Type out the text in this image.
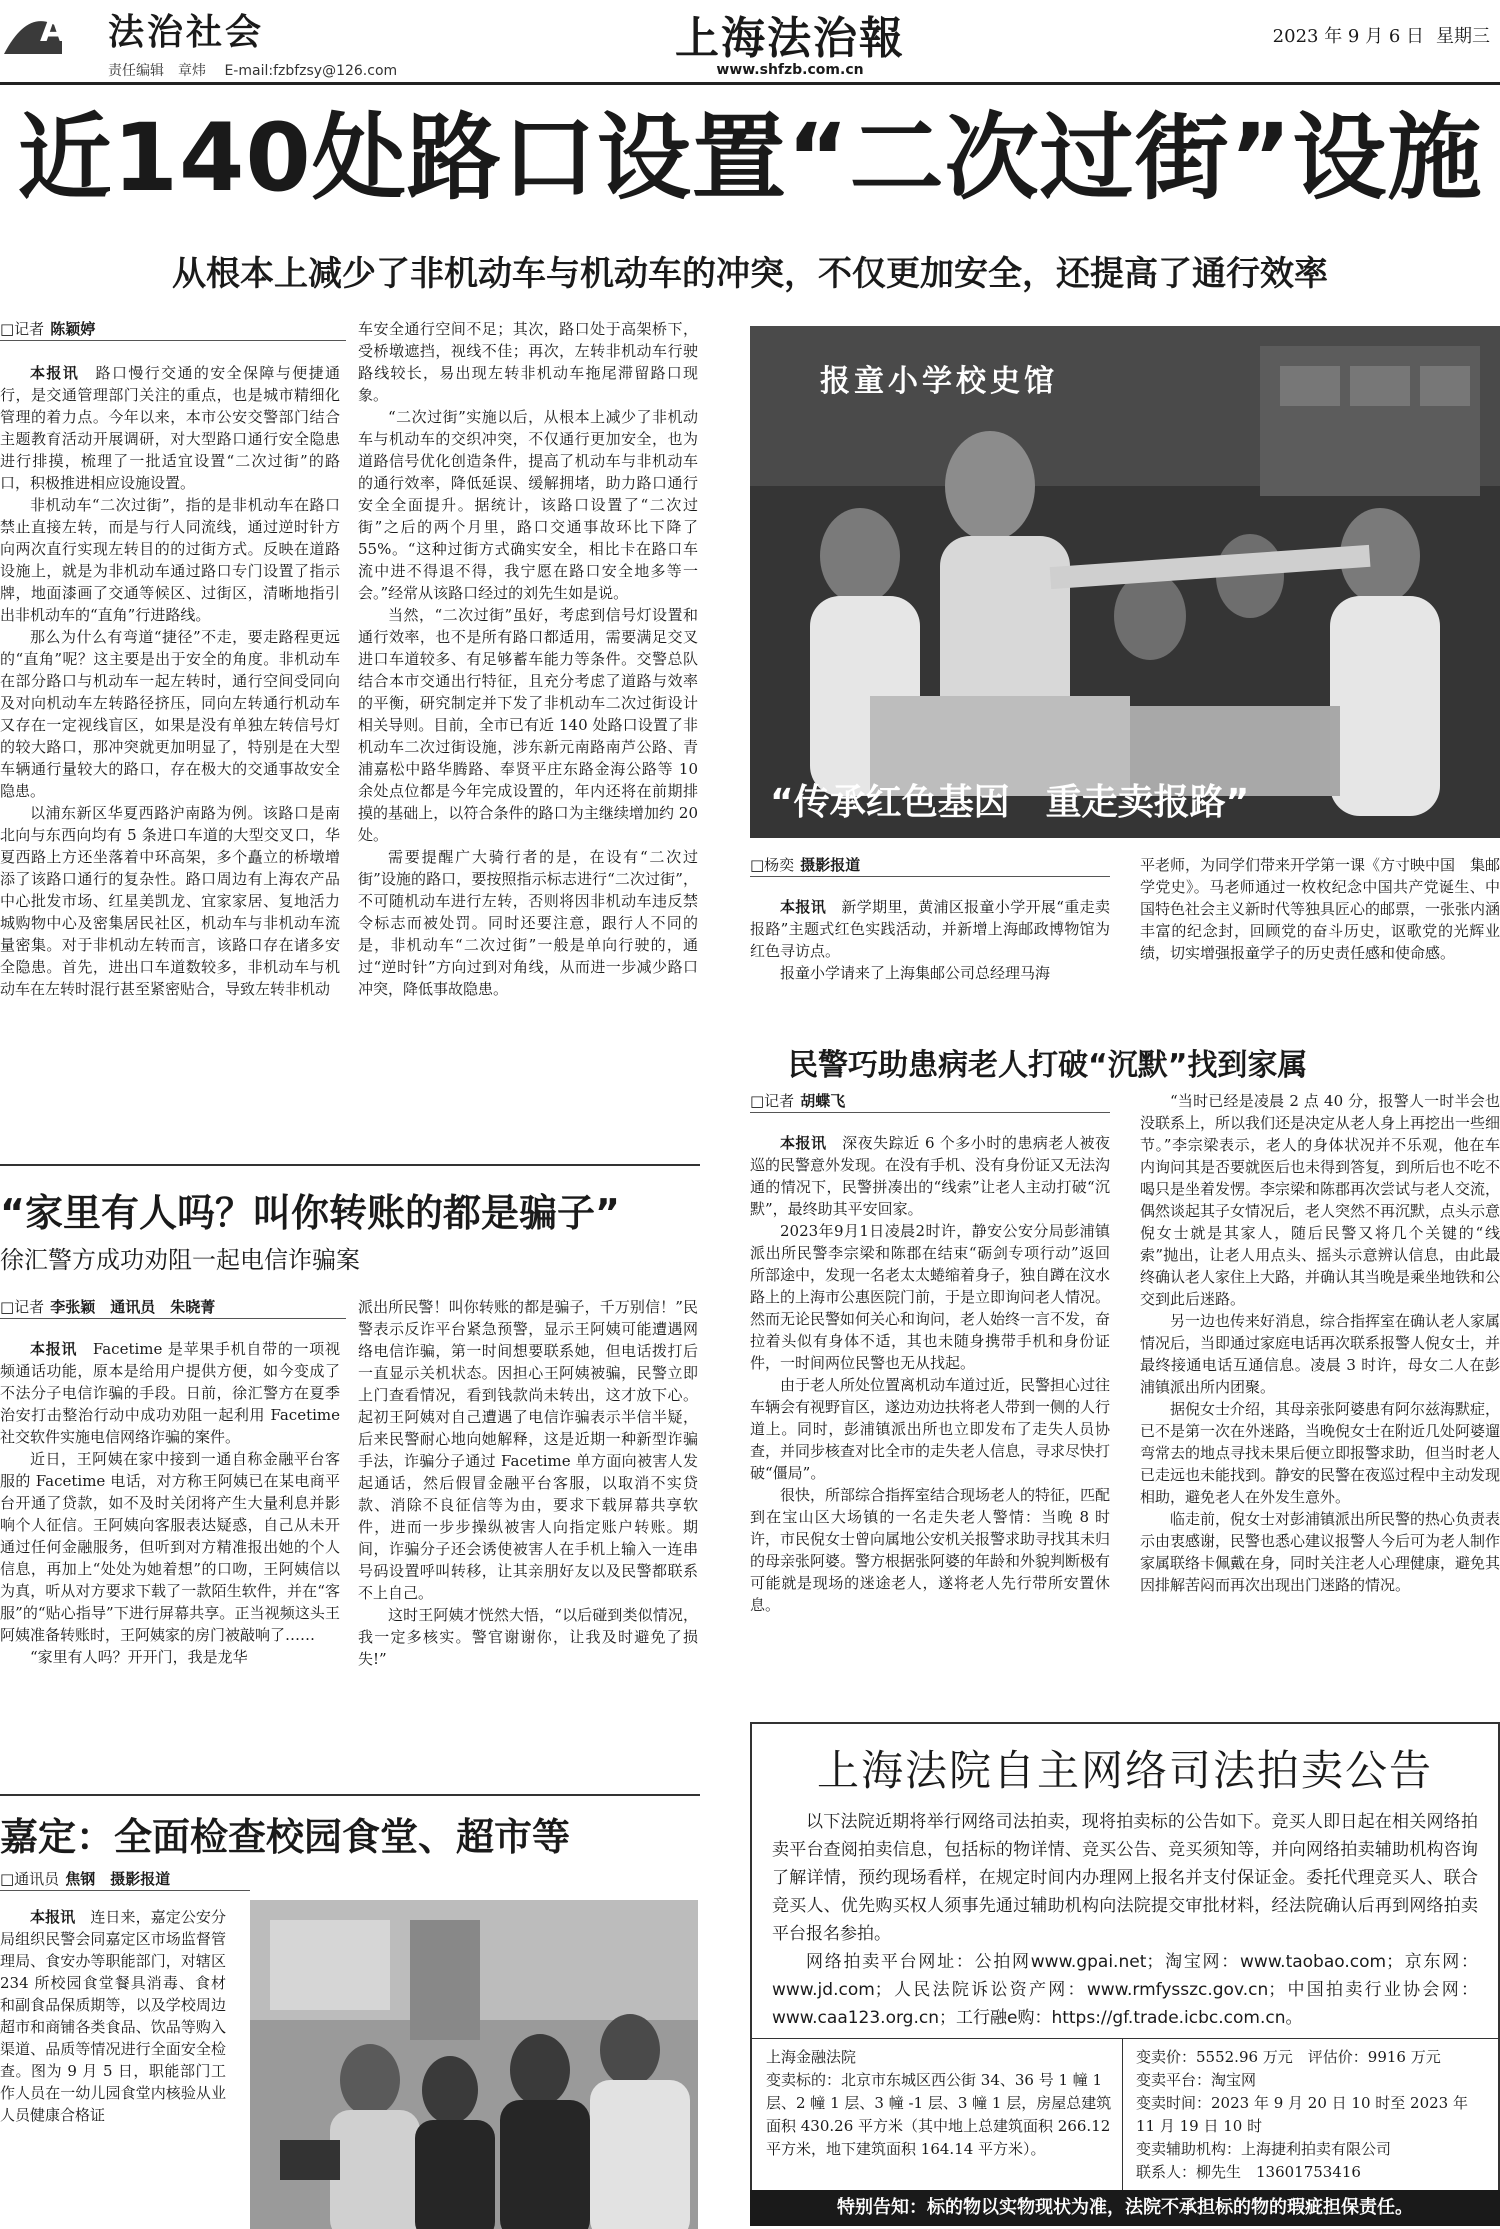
A5 法治社会
责任编辑　章炜 E-mail:fzbfzsy@126.com
上海法治報
www.shfzb.com.cn
2023 年 9 月 6 日 星期三
近140处路口设置“二次过街”设施
从根本上减少了非机动车与机动车的冲突，不仅更加安全，还提高了通行效率
□记者 陈颖婷

本报讯　路口慢行交通的安全保障与便捷通行，是交通管理部门关注的重点，也是城市精细化管理的着力点。今年以来，本市公安交警部门结合主题教育活动开展调研，对大型路口通行安全隐患进行排摸，梳理了一批适宜设置“二次过街”的路口，积极推进相应设施设置。

非机动车“二次过街”，指的是非机动车在路口禁止直接左转，而是与行人同流线，通过逆时针方向两次直行实现左转目的的过街方式。反映在道路设施上，就是为非机动车通过路口专门设置了指示牌，地面漆画了交通等候区、过街区，清晰地指引出非机动车的“直角”行进路线。

那么为什么有弯道“捷径”不走，要走路程更远的“直角”呢？这主要是出于安全的角度。非机动车在部分路口与机动车一起左转时，通行空间受同向及对向机动车左转路径挤压，同向左转通行机动车又存在一定视线盲区，如果是没有单独左转信号灯的较大路口，那冲突就更加明显了，特别是在大型车辆通行量较大的路口，存在极大的交通事故安全隐患。

以浦东新区华夏西路沪南路为例。该路口是南北向与东西向均有 5 条进口车道的大型交叉口，华夏西路上方还坐落着中环高架，多个矗立的桥墩增添了该路口通行的复杂性。路口周边有上海农产品中心批发市场、红星美凯龙、宜家家居、复地活力城购物中心及密集居民社区，机动车与非机动车流量密集。对于非机动左转而言，该路口存在诸多安全隐患。首先，进出口车道数较多，非机动车与机动车在左转时混行甚至紧密贴合，导致左转非机动

车安全通行空间不足；其次，路口处于高架桥下，受桥墩遮挡，视线不佳；再次，左转非机动车行驶路线较长，易出现左转非机动车拖尾滞留路口现象。

“二次过街”实施以后，从根本上减少了非机动车与机动车的交织冲突，不仅通行更加安全，也为道路信号优化创造条件，提高了机动车与非机动车的通行效率，降低延误、缓解拥堵，助力路口通行安全全面提升。据统计，该路口设置了“二次过街”之后的两个月里，路口交通事故环比下降了 55%。“这种过街方式确实安全，相比卡在路口车流中进不得退不得，我宁愿在路口安全地多等一会。”经常从该路口经过的刘先生如是说。

当然，“二次过街”虽好，考虑到信号灯设置和通行效率，也不是所有路口都适用，需要满足交叉进口车道较多、有足够蓄车能力等条件。交警总队结合本市交通出行特征，且充分考虑了道路与效率的平衡，研究制定并下发了非机动车二次过街设计相关导则。目前，全市已有近 140 处路口设置了非机动车二次过街设施，涉东新元南路南芦公路、青浦嘉松中路华腾路、奉贤平庄东路金海公路等 10 余处点位都是今年完成设置的，年内还将在前期排摸的基础上，以符合条件的路口为主继续增加约 20 处。

需要提醒广大骑行者的是，在设有“二次过街”设施的路口，要按照指示标志进行“二次过街”，不可随机动车进行左转，否则将因非机动车违反禁令标志而被处罚。同时还要注意，跟行人不同的是，非机动车“二次过街”一般是单向行驶的，通过“逆时针”方向过到对角线，从而进一步减少路口冲突，降低事故隐患。

报童小学校史馆
“传承红色基因　重走卖报路”
□杨奕 摄影报道

本报讯　新学期里，黄浦区报童小学开展“重走卖报路”主题式红色实践活动，并新增上海邮政博物馆为红色寻访点。

报童小学请来了上海集邮公司总经理马海

平老师，为同学们带来开学第一课《方寸映中国　集邮学党史》。马老师通过一枚枚纪念中国共产党诞生、中国特色社会主义新时代等独具匠心的邮票，一张张内涵丰富的纪念封，回顾党的奋斗历史，讴歌党的光辉业绩，切实增强报童学子的历史责任感和使命感。

民警巧助患病老人打破“沉默”找到家属
□记者 胡蝶飞

本报讯　深夜失踪近 6 个多小时的患病老人被夜巡的民警意外发现。在没有手机、没有身份证又无法沟通的情况下，民警拼凑出的“线索”让老人主动打破“沉默”，最终助其平安回家。

2023年9月1日凌晨2时许，静安公安分局彭浦镇派出所民警李宗梁和陈郡在结束“砺剑专项行动”返回所部途中，发现一名老太太蜷缩着身子，独自蹲在汶水路上的上海市公惠医院门前，于是立即询问老人情况。然而无论民警如何关心和询问，老人始终一言不发，奋拉着头似有身体不适，其也未随身携带手机和身份证件，一时间两位民警也无从找起。

由于老人所处位置离机动车道过近，民警担心过往车辆会有视野盲区，遂边劝边扶将老人带到一侧的人行道上。同时，彭浦镇派出所也立即发布了走失人员协查，并同步核查对比全市的走失老人信息，寻求尽快打破“僵局”。

很快，所部综合指挥室结合现场老人的特征，匹配到在宝山区大场镇的一名走失老人警情：当晚 8 时许，市民倪女士曾向属地公安机关报警求助寻找其未归的母亲张阿婆。警方根据张阿婆的年龄和外貌判断极有可能就是现场的迷途老人，遂将老人先行带所安置休息。

“当时已经是凌晨 2 点 40 分，报警人一时半会也没联系上，所以我们还是决定从老人身上再挖出一些细节。”李宗梁表示，老人的身体状况并不乐观，他在车内询问其是否要就医后也未得到答复，到所后也不吃不喝只是坐着发愣。李宗梁和陈郡再次尝试与老人交流，偶然谈起其子女情况后，老人突然不再沉默，点头示意倪女士就是其家人，随后民警又将几个关键的“线索”抛出，让老人用点头、摇头示意辨认信息，由此最终确认老人家住上大路，并确认其当晚是乘坐地铁和公交到此后迷路。

另一边也传来好消息，综合指挥室在确认老人家属情况后，当即通过家庭电话再次联系报警人倪女士，并最终接通电话互通信息。凌晨 3 时许，母女二人在彭浦镇派出所内团聚。

据倪女士介绍，其母亲张阿婆患有阿尔兹海默症，已不是第一次在外迷路，当晚倪女士在附近几处阿婆遛弯常去的地点寻找未果后便立即报警求助，但当时老人已走远也未能找到。静安的民警在夜巡过程中主动发现相助，避免老人在外发生意外。

临走前，倪女士对彭浦镇派出所民警的热心负责表示由衷感谢，民警也悉心建议报警人今后可为老人制作家属联络卡佩戴在身，同时关注老人心理健康，避免其因排解苦闷而再次出现出门迷路的情况。

“家里有人吗？叫你转账的都是骗子”
徐汇警方成功劝阻一起电信诈骗案
□记者 李张颖　通讯员　朱晓菁

本报讯　Facetime 是苹果手机自带的一项视频通话功能，原本是给用户提供方便，如今变成了不法分子电信诈骗的手段。日前，徐汇警方在夏季治安打击整治行动中成功劝阻一起利用 Facetime 社交软件实施电信网络诈骗的案件。

近日，王阿姨在家中接到一通自称金融平台客服的 Facetime 电话，对方称王阿姨已在某电商平台开通了贷款，如不及时关闭将产生大量利息并影响个人征信。王阿姨向客服表达疑惑，自己从未开通过任何金融服务，但听到对方精准报出她的个人信息，再加上“处处为她着想”的口吻，王阿姨信以为真，听从对方要求下载了一款陌生软件，并在“客服”的“贴心指导”下进行屏幕共享。正当视频这头王阿姨准备转账时，王阿姨家的房门被敲响了……

“家里有人吗？开开门，我是龙华

派出所民警！叫你转账的都是骗子，千万别信！”民警表示反诈平台紧急预警，显示王阿姨可能遭遇网络电信诈骗，第一时间想要联系她，但电话拨打后一直显示关机状态。因担心王阿姨被骗，民警立即上门查看情况，看到钱款尚未转出，这才放下心。起初王阿姨对自己遭遇了电信诈骗表示半信半疑，后来民警耐心地向她解释，这是近期一种新型诈骗手法，诈骗分子通过 Facetime 单方面向被害人发起通话，然后假冒金融平台客服，以取消不实贷款、消除不良征信等为由，要求下载屏幕共享软件，进而一步步操纵被害人向指定账户转账。期间，诈骗分子还会诱使被害人在手机上输入一连串号码设置呼叫转移，让其亲朋好友以及民警都联系不上自己。

这时王阿姨才恍然大悟，“以后碰到类似情况，我一定多核实。警官谢谢你，让我及时避免了损失!”

嘉定：全面检查校园食堂、超市等
□通讯员 焦钢　摄影报道

本报讯　连日来，嘉定公安分局组织民警会同嘉定区市场监督管理局、食安办等职能部门，对辖区 234 所校园食堂餐具消毒、食材和副食品保质期等，以及学校周边超市和商铺各类食品、饮品等购入渠道、品质等情况进行全面安全检查。图为 9 月 5 日，职能部门工作人员在一幼儿园食堂内核验从业人员健康合格证

上海法院自主网络司法拍卖公告

以下法院近期将举行网络司法拍卖，现将拍卖标的公告如下。竞买人即日起在相关网络拍卖平台查阅拍卖信息，包括标的物详情、竞买公告、竞买须知等，并向网络拍卖辅助机构咨询了解详情，预约现场看样，在规定时间内办理网上报名并支付保证金。委托代理竞买人、联合竞买人、优先购买权人须事先通过辅助机构向法院提交审批材料，经法院确认后再到网络拍卖平台报名参拍。

网络拍卖平台网址：公拍网www.gpai.net；淘宝网：www.taobao.com；京东网：www.jd.com；人民法院诉讼资产网：www.rmfysszc.gov.cn；中国拍卖行业协会网：www.caa123.org.cn；工行融e购：https://gf.trade.icbc.com.cn。

上海金融法院
变卖标的：北京市东城区西公街 34、36 号 1 幢 1 层、2 幢 1 层、3 幢 -1 层、3 幢 1 层，房屋总建筑面积 430.26 平方米（其中地上总建筑面积 266.12 平方米，地下建筑面积 164.14 平方米）。
变卖价：5552.96 万元　评估价：9916 万元
变卖平台：淘宝网
变卖时间：2023 年 9 月 20 日 10 时至 2023 年 11 月 19 日 10 时
变卖辅助机构：上海捷利拍卖有限公司
联系人：柳先生　13601753416
特别告知：标的物以实物现状为准，法院不承担标的物的瑕疵担保责任。
